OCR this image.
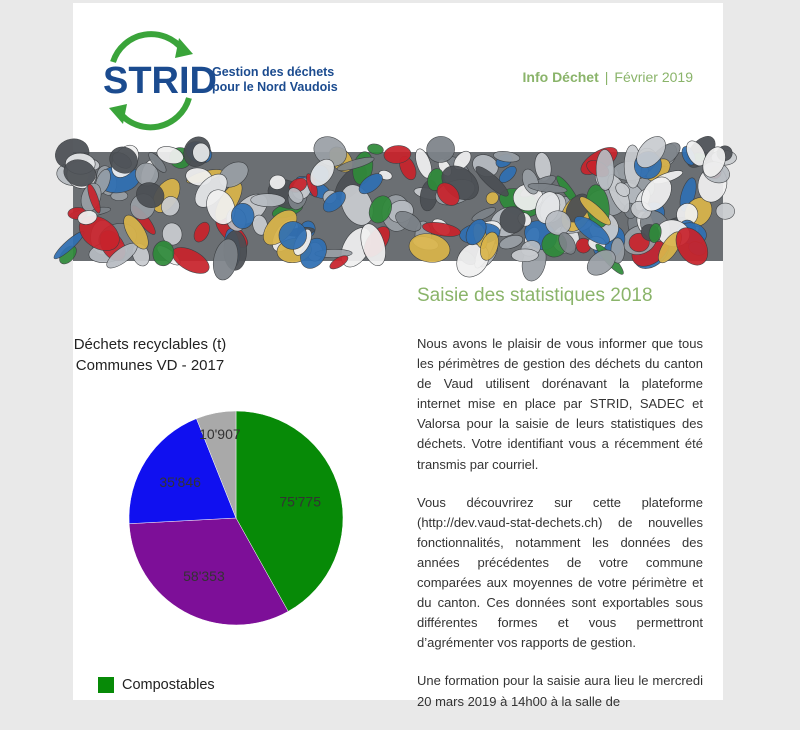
STRID
Gestion des déchets
pour le Nord Vaudois
Info Déchet | Février 2019
Saisie des statistiques 2018

Nous avons le plaisir de vous informer que tous les périmètres de gestion des déchets du canton de Vaud utilisent dorénavant la plateforme internet mise en place par STRID, SADEC et Valorsa pour la saisie de leurs statistiques des déchets. Votre identifiant vous a récemment été transmis par courriel.

Vous découvrirez sur cette plateforme (http://dev.vaud-stat-dechets.ch) de nouvelles fonctionnalités, notamment les données des années précédentes de votre commune comparées aux moyennes de votre périmètre et du canton. Ces données sont exportables sous différentes formes et vous permettront d’agrémenter vos rapports de gestion.

Une formation pour la saisie aura lieu le mercredi 20 mars 2019 à 14h00 à la salle de

Déchets recyclables (t)
Communes VD - 2017
75'775
58'353
35'846
10'907
Compostables
